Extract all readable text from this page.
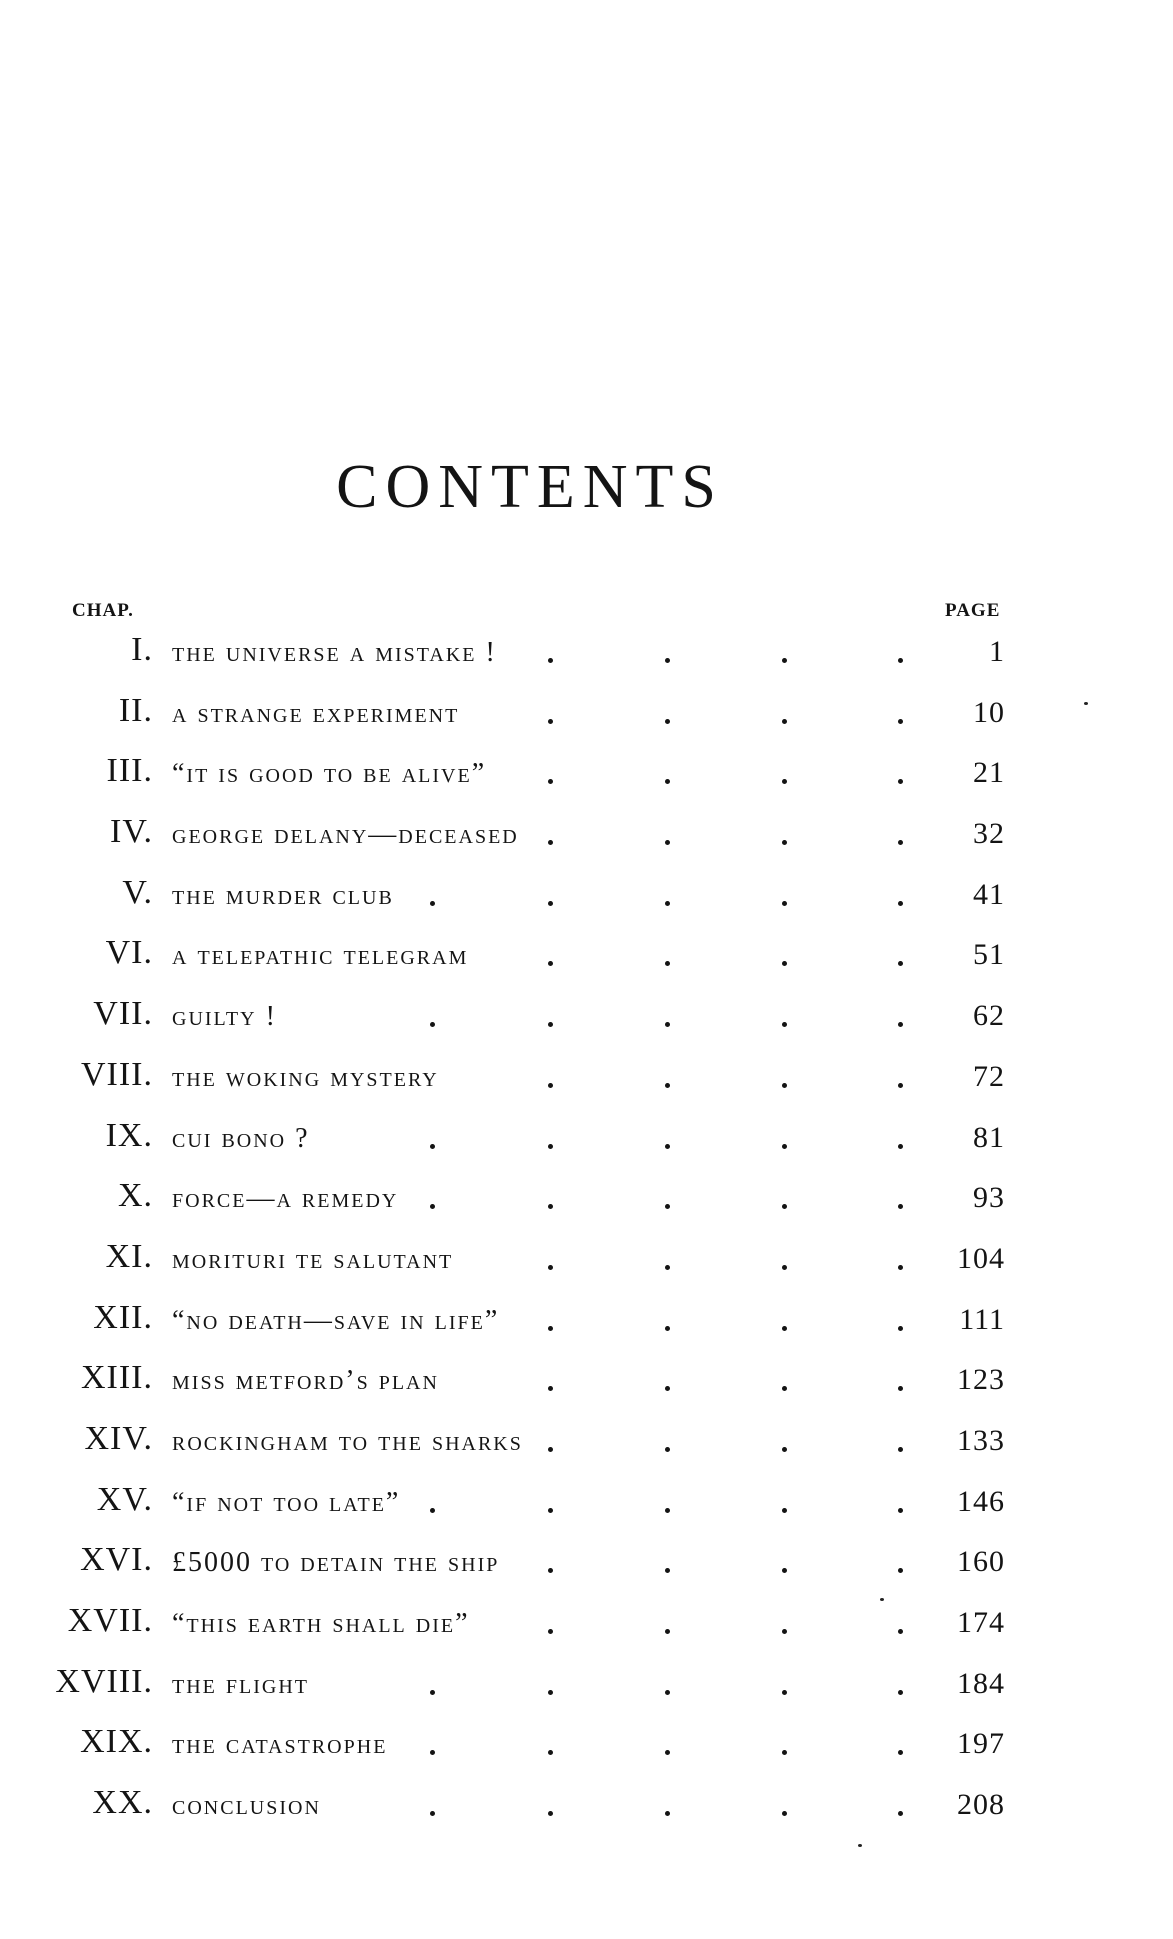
CONTENTS
CHAP.	PAGE
I. the universe a mistake !	1
II. a strange experiment	10
III. “it is good to be alive”	21
IV. george delany—deceased	32
V. the murder club	41
VI. a telepathic telegram	51
VII. guilty !	62
VIII. the woking mystery	72
IX. cui bono ?	81
X. force—a remedy	93
XI. morituri te salutant	104
XII. “no death—save in life”	111
XIII. miss metford’s plan	123
XIV. rockingham to the sharks	133
XV. “if not too late”	146
XVI. £5000 to detain the ship	160
XVII. “this earth shall die”	174
XVIII. the flight	184
XIX. the catastrophe	197
XX. conclusion	208
